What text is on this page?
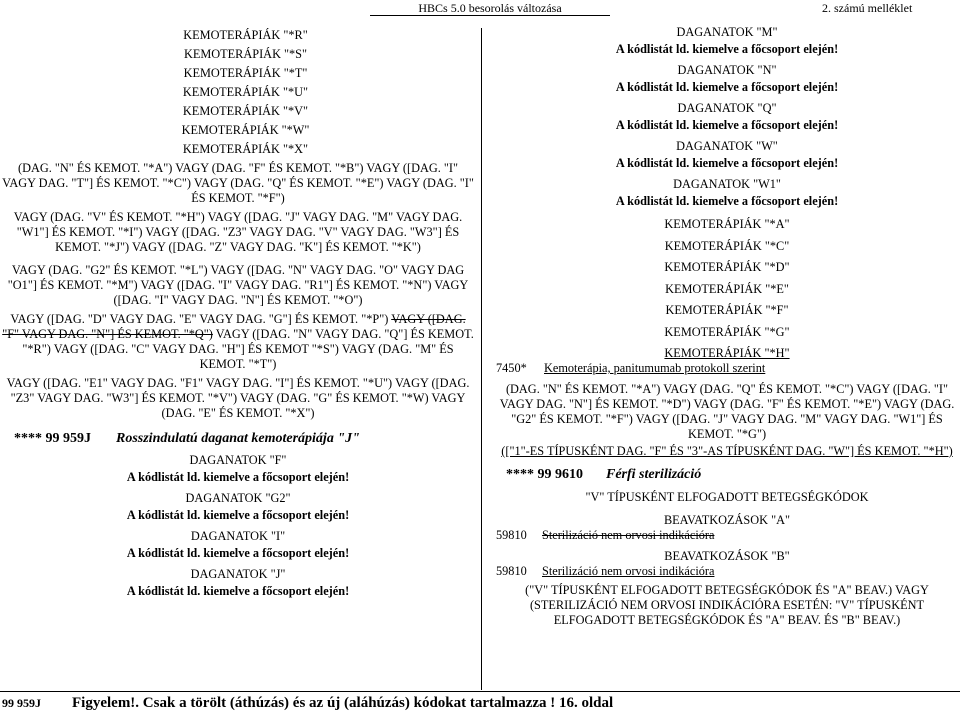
HBCs 5.0 besorolás változása	2. számú melléklet
KEMOTERÁPIÁK "*R"
KEMOTERÁPIÁK "*S"
KEMOTERÁPIÁK "*T"
KEMOTERÁPIÁK "*U"
KEMOTERÁPIÁK "*V"
KEMOTERÁPIÁK "*W"
KEMOTERÁPIÁK "*X"
(DAG. "N" ÉS KEMOT. "*A") VAGY (DAG. "F" ÉS KEMOT. "*B") VAGY ([DAG. "I" VAGY DAG. "T"] ÉS KEMOT. "*C") VAGY (DAG. "Q" ÉS KEMOT. "*E") VAGY (DAG. "I" ÉS KEMOT. "*F")
VAGY (DAG. "V" ÉS KEMOT. "*H") VAGY ([DAG. "J" VAGY DAG. "M" VAGY DAG. "W1"] ÉS KEMOT. "*I") VAGY ([DAG. "Z3" VAGY DAG. "V" VAGY DAG. "W3"] ÉS KEMOT. "*J") VAGY ([DAG. "Z" VAGY DAG. "K"] ÉS KEMOT. "*K")
VAGY (DAG. "G2" ÉS KEMOT. "*L") VAGY ([DAG. "N" VAGY DAG. "O" VAGY DAG "O1"] ÉS KEMOT. "*M") VAGY ([DAG. "I" VAGY DAG. "R1"] ÉS KEMOT. "*N") VAGY ([DAG. "I" VAGY DAG. "N"] ÉS KEMOT. "*O")
VAGY ([DAG. "D" VAGY DAG. "E" VAGY DAG. "G"] ÉS KEMOT. "*P") VAGY ([DAG. "F" VAGY DAG. "N"] ÉS KEMOT. "*Q") VAGY ([DAG. "N" VAGY DAG. "Q"] ÉS KEMOT. "*R") VAGY ([DAG. "C" VAGY DAG. "H"] ÉS KEMOT "*S") VAGY (DAG. "M" ÉS KEMOT. "*T")
VAGY ([DAG. "E1" VAGY DAG. "F1" VAGY DAG. "I"] ÉS KEMOT. "*U") VAGY ([DAG. "Z3" VAGY DAG. "W3"] ÉS KEMOT. "*V") VAGY (DAG. "G" ÉS KEMOT. "*W) VAGY (DAG. "E" ÉS KEMOT. "*X")
**** 99 959J Rosszindulatú daganat kemoterápiája "J"
DAGANATOK "F"
A kódlistát ld. kiemelve a főcsoport elején!
DAGANATOK "G2"
A kódlistát ld. kiemelve a főcsoport elején!
DAGANATOK "I"
A kódlistát ld. kiemelve a főcsoport elején!
DAGANATOK "J"
A kódlistát ld. kiemelve a főcsoport elején!
DAGANATOK "M"
A kódlistát ld. kiemelve a főcsoport elején!
DAGANATOK "N"
A kódlistát ld. kiemelve a főcsoport elején!
DAGANATOK "Q"
A kódlistát ld. kiemelve a főcsoport elején!
DAGANATOK "W"
A kódlistát ld. kiemelve a főcsoport elején!
DAGANATOK "W1"
A kódlistát ld. kiemelve a főcsoport elején!
KEMOTERÁPIÁK "*A"
KEMOTERÁPIÁK "*C"
KEMOTERÁPIÁK "*D"
KEMOTERÁPIÁK "*E"
KEMOTERÁPIÁK "*F"
KEMOTERÁPIÁK "*G"
KEMOTERÁPIÁK "*H"
7450* Kemoterápia, panitumumab protokoll szerint
(DAG. "N" ÉS KEMOT. "*A") VAGY (DAG. "Q" ÉS KEMOT. "*C") VAGY ([DAG. "I" VAGY DAG. "N"] ÉS KEMOT. "*D") VAGY (DAG. "F" ÉS KEMOT. "*E") VAGY (DAG. "G2" ÉS KEMOT. "*F") VAGY ([DAG. "J" VAGY DAG. "M" VAGY DAG. "W1"] ÉS KEMOT. "*G")
(["1"-ES TÍPUSKÉNT DAG. "F" ÉS "3"-AS TÍPUSKÉNT DAG. "W"] ÉS KEMOT. "*H")
**** 99 9610 Férfi sterilizáció
"V" TÍPUSKÉNT ELFOGADOTT BETEGSÉGKÓDOK
BEAVATKOZÁSOK "A"
59810 Sterilizáció nem orvosi indikációra
BEAVATKOZÁSOK "B"
59810 Sterilizáció nem orvosi indikációra
("V" TÍPUSKÉNT ELFOGADOTT BETEGSÉGKÓDOK ÉS "A" BEAV.) VAGY (STERILIZÁCIÓ NEM ORVOSI INDIKÁCIÓRA ESETÉN: "V" TÍPUSKÉNT ELFOGADOTT BETEGSÉGKÓDOK ÉS "A" BEAV. ÉS "B" BEAV.)
99 959J Figyelem!. Csak a törölt (áthúzás) és az új (aláhúzás) kódokat tartalmazza ! 16. oldal
